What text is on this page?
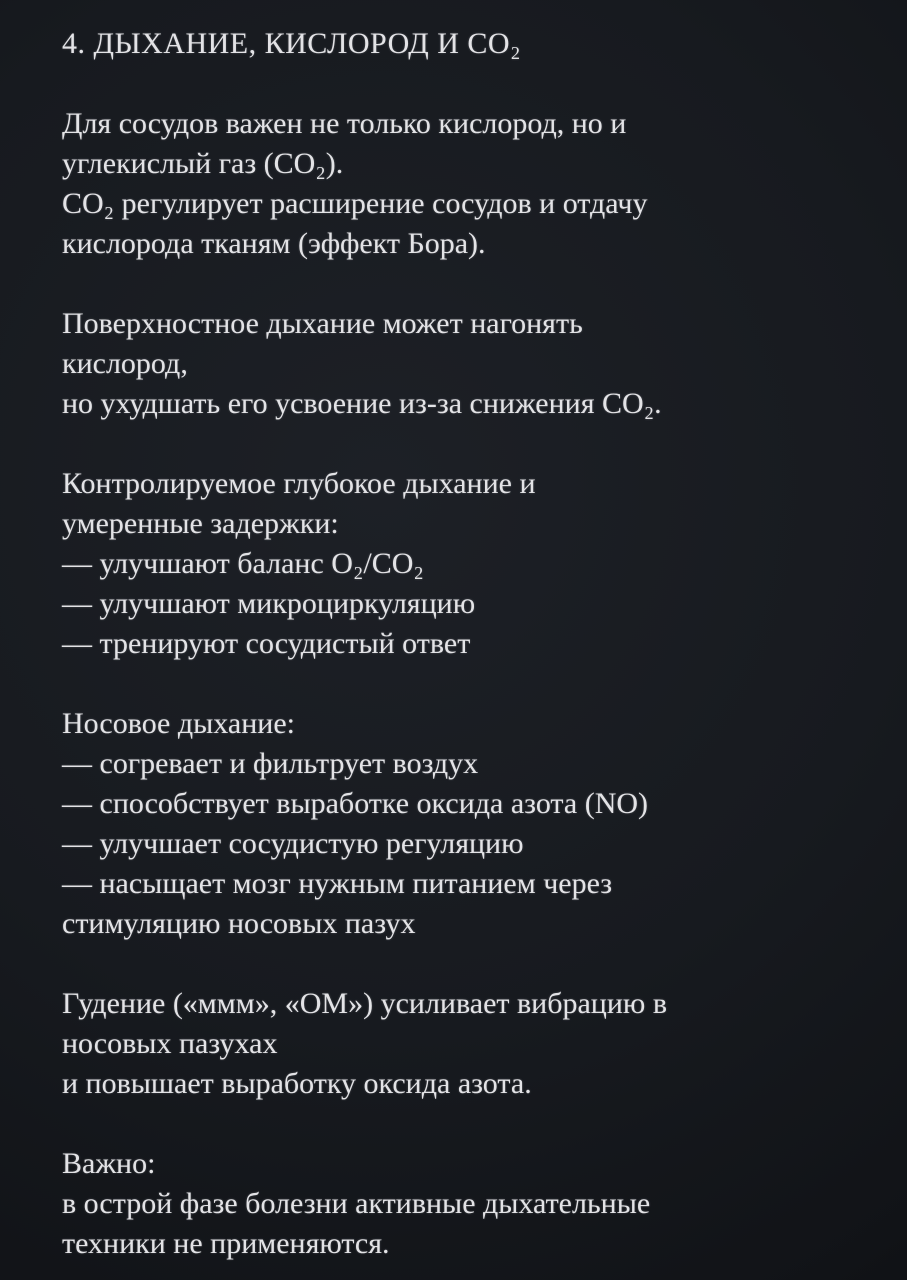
4. ДЫХАНИЕ, КИСЛОРОД И CO₂
Для сосудов важен не только кислород, но и
углекислый газ (CO₂).
CO₂ регулирует расширение сосудов и отдачу
кислорода тканям (эффект Бора).
Поверхностное дыхание может нагонять
кислород,
но ухудшать его усвоение из-за снижения CO₂.
Контролируемое глубокое дыхание и
умеренные задержки:
— улучшают баланс O₂/CO₂
— улучшают микроциркуляцию
— тренируют сосудистый ответ
Носовое дыхание:
— согревает и фильтрует воздух
— способствует выработке оксида азота (NO)
— улучшает сосудистую регуляцию
— насыщает мозг нужным питанием через
стимуляцию носовых пазух
Гудение («ммм», «ОМ») усиливает вибрацию в
носовых пазухах
и повышает выработку оксида азота.
Важно:
в острой фазе болезни активные дыхательные
техники не применяются.
